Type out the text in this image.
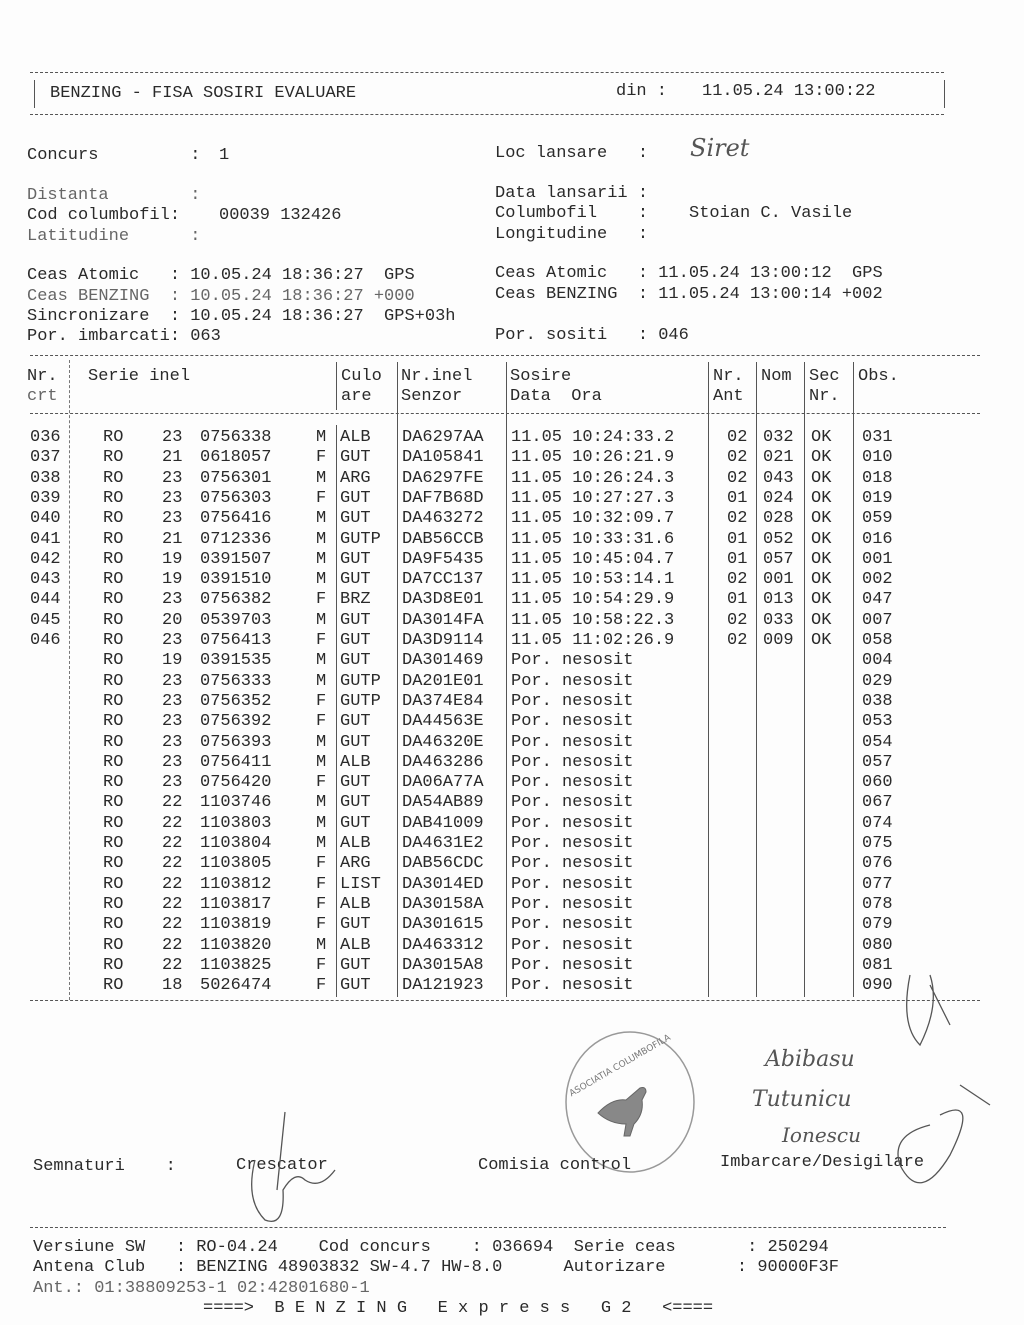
BENZING - FISA SOSIRI EVALUARE	din : 11.05.24 13:00:22
Concurs         : 1	Loc lansare   : Siret
Distanta        :
Cod columbofil: 00039 132426
Latitudine      :
Data lansarii :
Columbofil    : Stoian C. Vasile
Longitudine   :
Ceas Atomic   : 10.05.24 18:36:27  GPS
Ceas BENZING  : 10.05.24 18:36:27 +000
Sincronizare  : 10.05.24 18:36:27  GPS+03h
Por. imbarcati: 063
Ceas Atomic   : 11.05.24 13:00:12  GPS
Ceas BENZING  : 11.05.24 13:00:14 +002
Por. sositi   : 046
Nr.
crt
Serie inel	Culo
are
Nr.inel
Senzor
Sosire
Data  Ora
Nr.
Ant
Nom Sec
Nr.
Obs.
036 RO 23 0756338	M ALB DA6297AA 11.05 10:24:33.2	02 032 OK 031
037 RO 21 0618057	F GUT DA105841 11.05 10:26:21.9	02 021 OK 010
038 RO 23 0756301	M ARG DA6297FE 11.05 10:26:24.3	02 043 OK 018
039 RO 23 0756303	F GUT DAF7B68D 11.05 10:27:27.3	01 024 OK 019
040 RO 23 0756416	M GUT DA463272 11.05 10:32:09.7	02 028 OK 059
041 RO 21 0712336	M GUTP DAB56CCB 11.05 10:33:31.6	01 052 OK 016
042 RO 19 0391507	M GUT DA9F5435 11.05 10:45:04.7	01 057 OK 001
043 RO 19 0391510	M GUT DA7CC137 11.05 10:53:14.1	02 001 OK 002
044 RO 23 0756382	F BRZ DA3D8E01 11.05 10:54:29.9	01 013 OK 047
045 RO 20 0539703	M GUT DA3014FA 11.05 10:58:22.3	02 033 OK 007
046 RO 23 0756413	F GUT DA3D9114 11.05 11:02:26.9	02 009 OK 058
RO 19 0391535	M GUT DA301469 Por. nesosit	004
RO 23 0756333	M GUTP DA201E01 Por. nesosit	029
RO 23 0756352	F GUTP DA374E84 Por. nesosit	038
RO 23 0756392	F GUT DA44563E Por. nesosit	053
RO 23 0756393	M GUT DA46320E Por. nesosit	054
RO 23 0756411	M ALB DA463286 Por. nesosit	057
RO 23 0756420	F GUT DA06A77A Por. nesosit	060
RO 22 1103746	M GUT DA54AB89 Por. nesosit	067
RO 22 1103803	M GUT DAB41009 Por. nesosit	074
RO 22 1103804	M ALB DA4631E2 Por. nesosit	075
RO 22 1103805	F ARG DAB56CDC Por. nesosit	076
RO 22 1103812	F LIST DA3014ED Por. nesosit	077
RO 22 1103817	F ALB DA30158A Por. nesosit	078
RO 22 1103819	F GUT DA301615 Por. nesosit	079
RO 22 1103820	M ALB DA463312 Por. nesosit	080
RO 22 1103825	F GUT DA3015A8 Por. nesosit	081
RO 18 5026474	F GUT DA121923 Por. nesosit	090
ASOCIATIA COLUMBOFILA
Semnaturi    :	Crescator	Comisia control	Imbarcare/Desigilare
Abibasu
Tutunicu
Ionescu
Versiune SW   : RO-04.24    Cod concurs    : 036694  Serie ceas       : 250294
Antena Club   : BENZING 48903832 SW-4.7 HW-8.0      Autorizare       : 90000F3F
Ant.: 01:38809253-1 02:42801680-1
====>  B E N Z I N G   E x p r e s s   G 2   <====
